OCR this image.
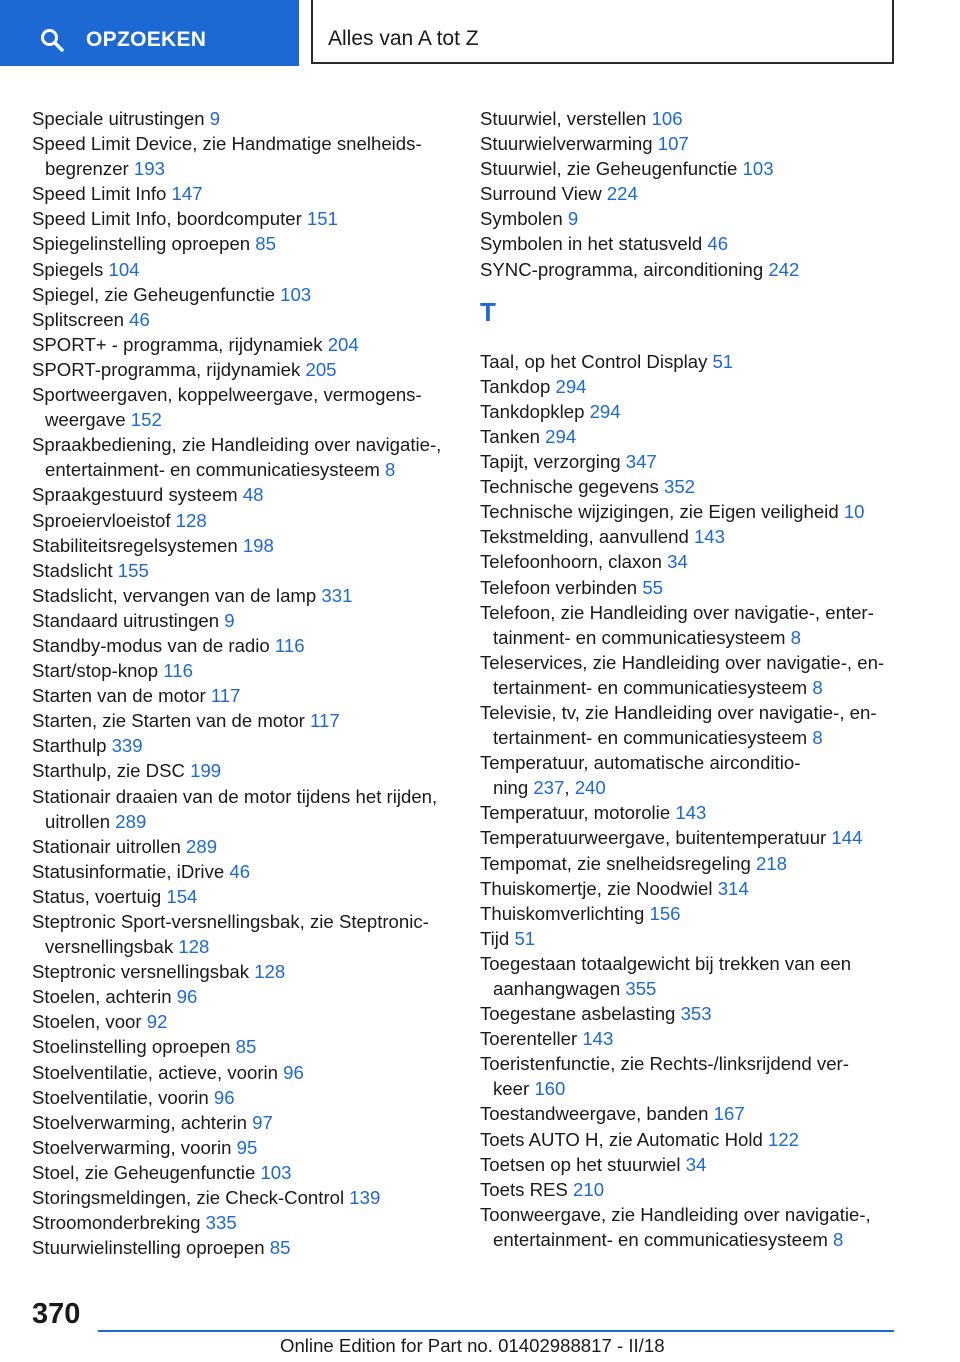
OPZOEKEN	Alles van A tot Z
Speciale uitrustingen 9
Speed Limit Device, zie Handmatige snelheids-
begrenzer 193
Speed Limit Info 147
Speed Limit Info, boordcomputer 151
Spiegelinstelling oproepen 85
Spiegels 104
Spiegel, zie Geheugenfunctie 103
Splitscreen 46
SPORT+ - programma, rijdynamiek 204
SPORT-programma, rijdynamiek 205
Sportweergaven, koppelweergave, vermogens-
weergave 152
Spraakbediening, zie Handleiding over navigatie-,
entertainment- en communicatiesysteem 8
Spraakgestuurd systeem 48
Sproeiervloeistof 128
Stabiliteitsregelsystemen 198
Stadslicht 155
Stadslicht, vervangen van de lamp 331
Standaard uitrustingen 9
Standby-modus van de radio 116
Start/stop-knop 116
Starten van de motor 117
Starten, zie Starten van de motor 117
Starthulp 339
Starthulp, zie DSC 199
Stationair draaien van de motor tijdens het rijden,
uitrollen 289
Stationair uitrollen 289
Statusinformatie, iDrive 46
Status, voertuig 154
Steptronic Sport-versnellingsbak, zie Steptronic-
versnellingsbak 128
Steptronic versnellingsbak 128
Stoelen, achterin 96
Stoelen, voor 92
Stoelinstelling oproepen 85
Stoelventilatie, actieve, voorin 96
Stoelventilatie, voorin 96
Stoelverwarming, achterin 97
Stoelverwarming, voorin 95
Stoel, zie Geheugenfunctie 103
Storingsmeldingen, zie Check-Control 139
Stroomonderbreking 335
Stuurwielinstelling oproepen 85
Stuurwiel, verstellen 106
Stuurwielverwarming 107
Stuurwiel, zie Geheugenfunctie 103
Surround View 224
Symbolen 9
Symbolen in het statusveld 46
SYNC-programma, airconditioning 242
T
Taal, op het Control Display 51
Tankdop 294
Tankdopklep 294
Tanken 294
Tapijt, verzorging 347
Technische gegevens 352
Technische wijzigingen, zie Eigen veiligheid 10
Tekstmelding, aanvullend 143
Telefoonhoorn, claxon 34
Telefoon verbinden 55
Telefoon, zie Handleiding over navigatie-, enter-
tainment- en communicatiesysteem 8
Teleservices, zie Handleiding over navigatie-, en-
tertainment- en communicatiesysteem 8
Televisie, tv, zie Handleiding over navigatie-, en-
tertainment- en communicatiesysteem 8
Temperatuur, automatische airconditio-
ning 237, 240
Temperatuur, motorolie 143
Temperatuurweergave, buitentemperatuur 144
Tempomat, zie snelheidsregeling 218
Thuiskomertje, zie Noodwiel 314
Thuiskomverlichting 156
Tijd 51
Toegestaan totaalgewicht bij trekken van een
aanhangwagen 355
Toegestane asbelasting 353
Toerenteller 143
Toeristenfunctie, zie Rechts-/linksrijdend ver-
keer 160
Toestandweergave, banden 167
Toets AUTO H, zie Automatic Hold 122
Toetsen op het stuurwiel 34
Toets RES 210
Toonweergave, zie Handleiding over navigatie-,
entertainment- en communicatiesysteem 8
370
Online Edition for Part no. 01402988817 - II/18
